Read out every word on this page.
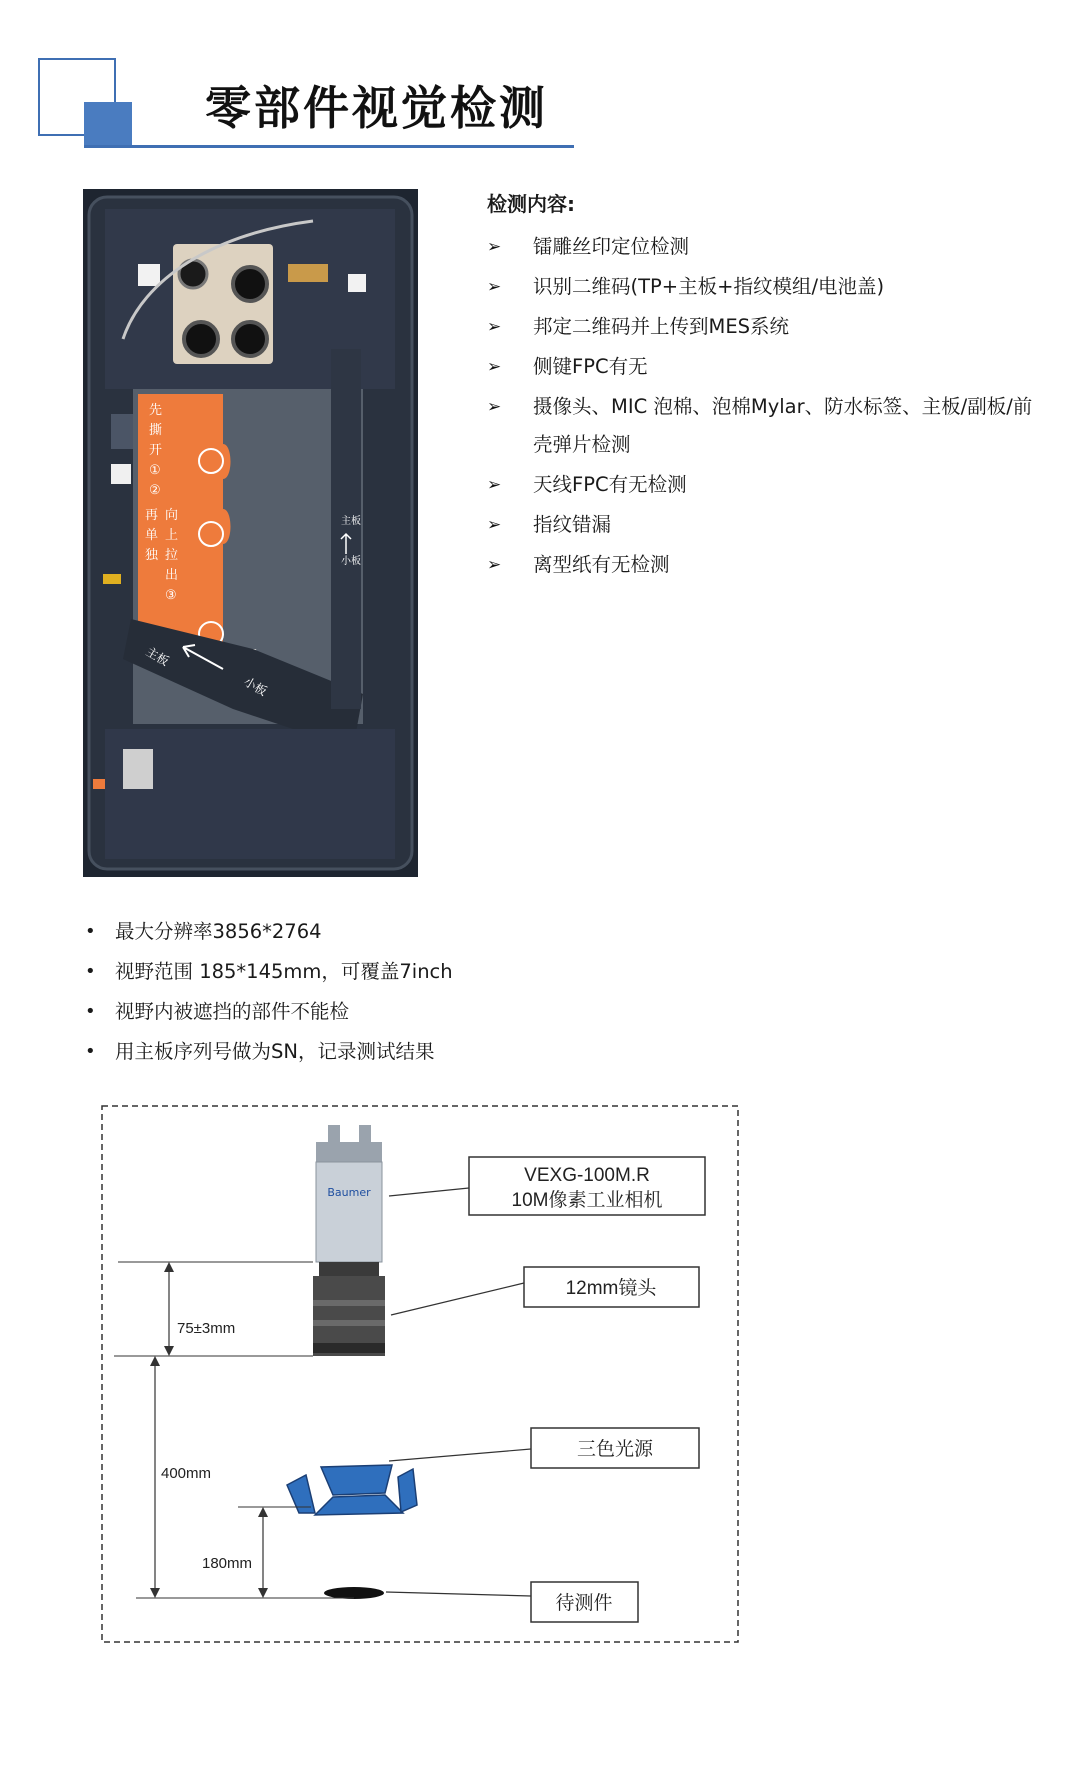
零部件视觉检测
先
撕
开
①
②
向
上
拉
出
③
再
单
独
主板
小板
主板
小板
检测内容:
➢ 镭雕丝印定位检测
➢ 识别二维码(TP+主板+指纹模组/电池盖)
➢ 邦定二维码并上传到MES系统
➢ 侧键FPC有无
➢ 摄像头、MIC 泡棉、泡棉Mylar、防水标签、主板/副板/前壳弹片检测
➢ 天线FPC有无检测
➢ 指纹错漏
➢ 离型纸有无检测
• 最大分辨率3856*2764
• 视野范围 185*145mm，可覆盖7inch
• 视野内被遮挡的部件不能检
• 用主板序列号做为SN，记录测试结果
Baumer
VEXG-100M.R
10M像素工业相机
12mm镜头
三色光源
待测件
75±3mm
400mm
180mm
